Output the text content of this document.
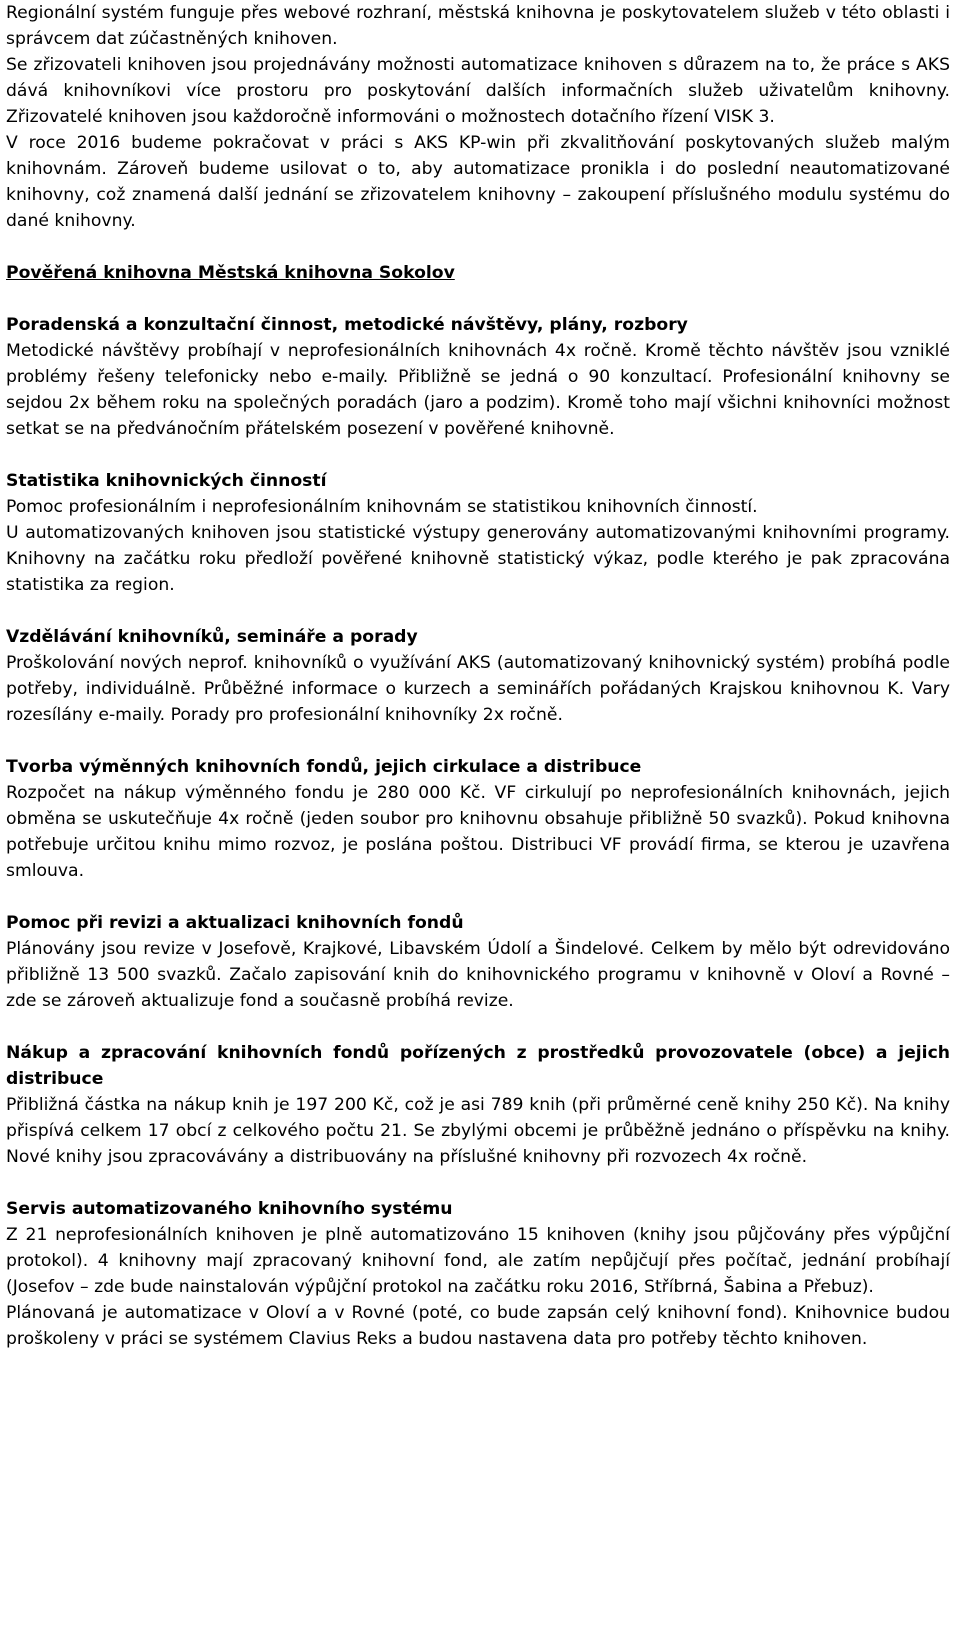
Regionální systém funguje přes webové rozhraní, městská knihovna je poskytovatelem služeb v této oblasti i správcem dat zúčastněných knihoven.

Se zřizovateli knihoven jsou projednávány možnosti automatizace knihoven s důrazem na to, že práce s AKS dává knihovníkovi více prostoru pro poskytování dalších informačních služeb uživatelům knihovny. Zřizovatelé knihoven jsou každoročně informováni o možnostech dotačního řízení VISK 3.

V roce 2016 budeme pokračovat v práci s AKS KP-win při zkvalitňování poskytovaných služeb malým knihovnám. Zároveň budeme usilovat o to, aby automatizace pronikla i do poslední neautomatizované knihovny, což znamená další jednání se zřizovatelem knihovny – zakoupení příslušného modulu systému do dané knihovny.

Pověřená knihovna Městská knihovna Sokolov
Poradenská a konzultační činnost, metodické návštěvy, plány, rozbory

Metodické návštěvy probíhají v neprofesionálních knihovnách 4x ročně. Kromě těchto návštěv jsou vzniklé problémy řešeny telefonicky nebo e-maily. Přibližně se jedná o 90 konzultací. Profesionální knihovny se sejdou 2x během roku na společných poradách (jaro a podzim). Kromě toho mají všichni knihovníci možnost setkat se na předvánočním přátelském posezení v pověřené knihovně.

Statistika knihovnických činností

Pomoc profesionálním i neprofesionálním knihovnám se statistikou knihovních činností.

U automatizovaných knihoven jsou statistické výstupy generovány automatizovanými knihovními programy. Knihovny na začátku roku předloží pověřené knihovně statistický výkaz, podle kterého je pak zpracována statistika za region.

Vzdělávání knihovníků, semináře a porady

Proškolování nových neprof. knihovníků o využívání AKS (automatizovaný knihovnický systém) probíhá podle potřeby, individuálně. Průběžné informace o kurzech a seminářích pořádaných Krajskou knihovnou K. Vary rozesílány e-maily. Porady pro profesionální knihovníky 2x ročně.

Tvorba výměnných knihovních fondů, jejich cirkulace a distribuce

Rozpočet na nákup výměnného fondu je 280 000 Kč. VF cirkulují po neprofesionálních knihovnách, jejich obměna se uskutečňuje 4x ročně (jeden soubor pro knihovnu obsahuje přibližně 50 svazků). Pokud knihovna potřebuje určitou knihu mimo rozvoz, je poslána poštou. Distribuci VF provádí firma, se kterou je uzavřena smlouva.

Pomoc při revizi a aktualizaci knihovních fondů

Plánovány jsou revize v Josefově, Krajkové, Libavském Údolí a Šindelové. Celkem by mělo být odrevidováno přibližně 13 500 svazků. Začalo zapisování knih do knihovnického programu v knihovně v Oloví a Rovné – zde se zároveň aktualizuje fond a současně probíhá revize.

Nákup a zpracování knihovních fondů pořízených z prostředků provozovatele (obce) a jejich distribuce

Přibližná částka na nákup knih je 197 200 Kč, což je asi 789 knih (při průměrné ceně knihy 250 Kč). Na knihy přispívá celkem 17 obcí z celkového počtu 21. Se zbylými obcemi je průběžně jednáno o příspěvku na knihy. Nové knihy jsou zpracovávány a distribuovány na příslušné knihovny při rozvozech 4x ročně.

Servis automatizovaného knihovního systému

Z 21 neprofesionálních knihoven je plně automatizováno 15 knihoven (knihy jsou půjčovány přes výpůjční protokol). 4 knihovny mají zpracovaný knihovní fond, ale zatím nepůjčují přes počítač, jednání probíhají (Josefov – zde bude nainstalován výpůjční protokol na začátku roku 2016, Stříbrná, Šabina a Přebuz).

Plánovaná je automatizace v Oloví a v Rovné (poté, co bude zapsán celý knihovní fond). Knihovnice budou proškoleny v práci se systémem Clavius Reks a budou nastavena data pro potřeby těchto knihoven.
